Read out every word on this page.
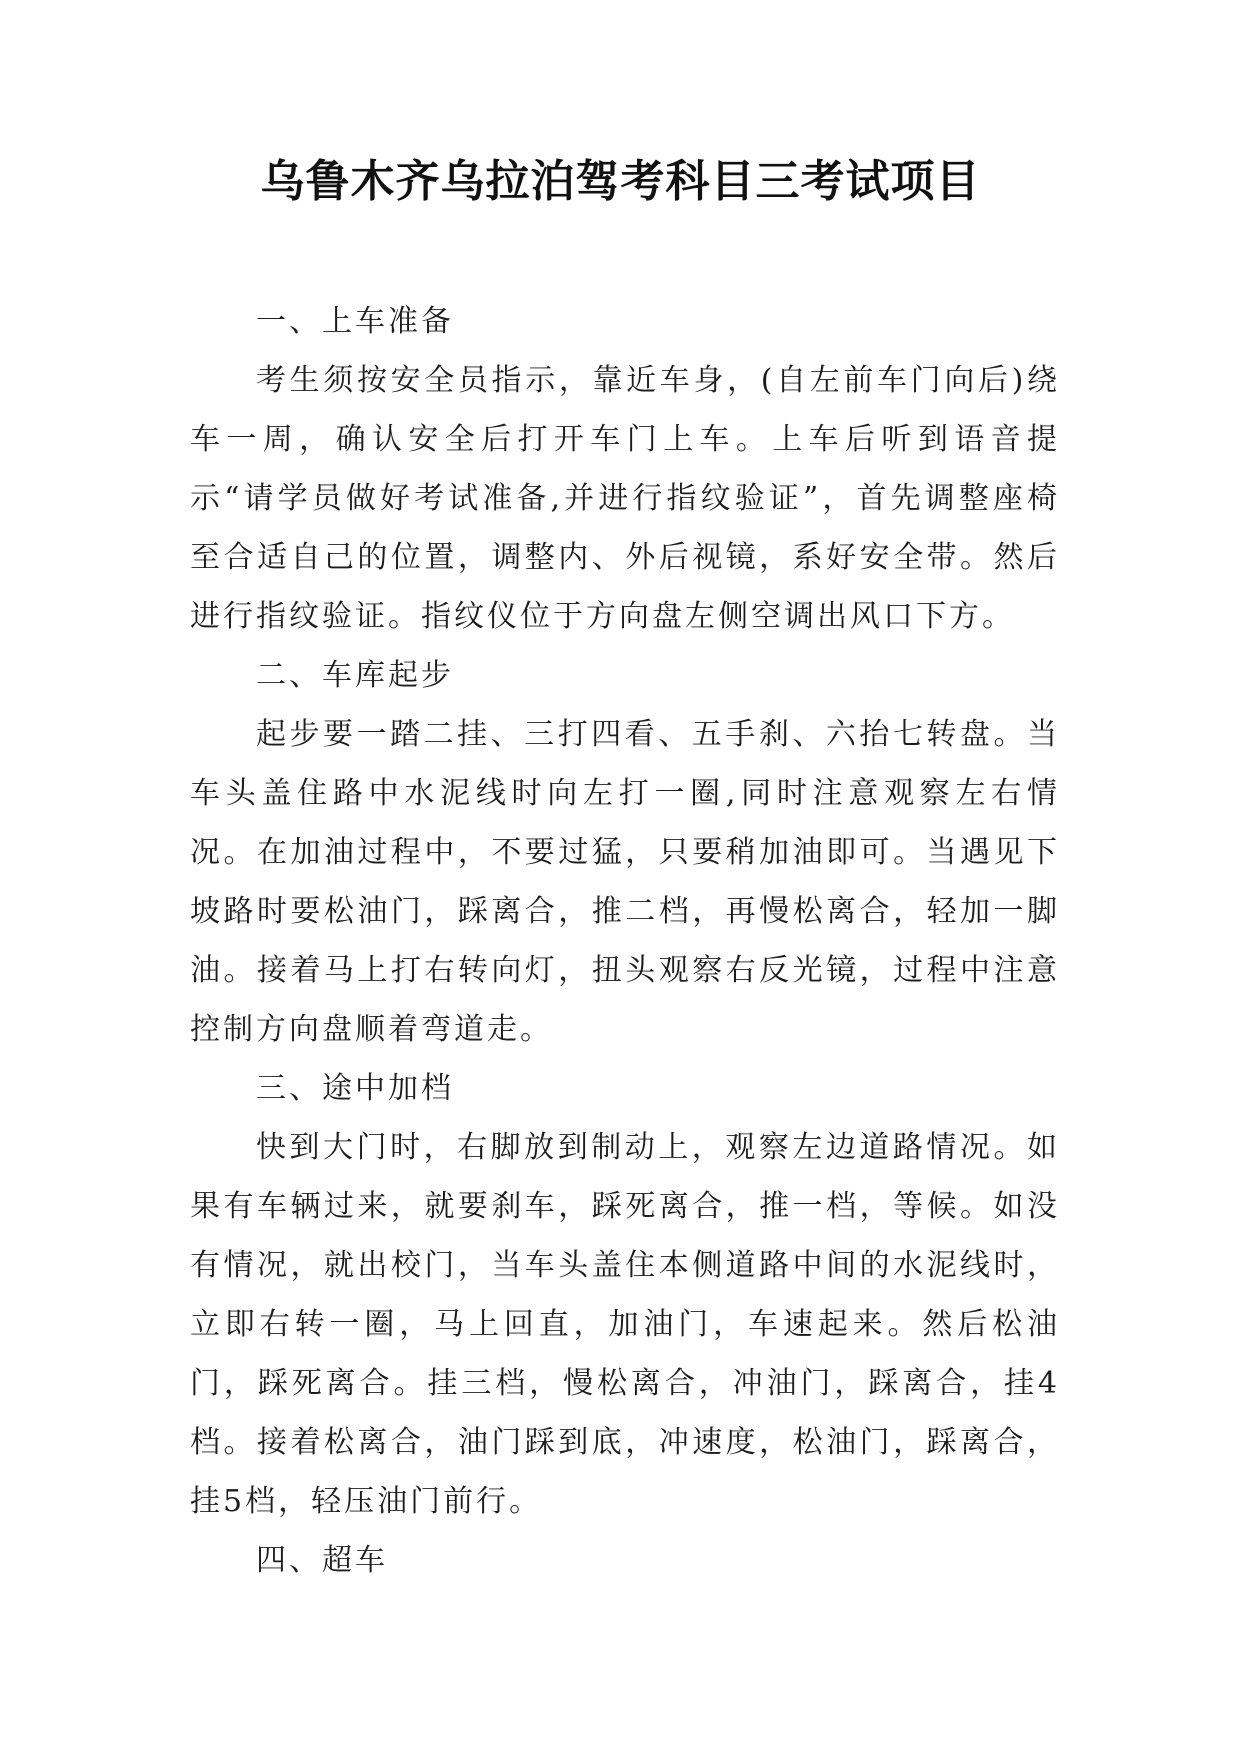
乌鲁木齐乌拉泊驾考科目三考试项目

一、上车准备

考生须按安全员指示，靠近车身，(自左前车门向后)绕车一周，确认安全后打开车门上车。上车后听到语音提示“请学员做好考试准备,并进行指纹验证”，首先调整座椅至合适自己的位置，调整内、外后视镜，系好安全带。然后进行指纹验证。指纹仪位于方向盘左侧空调出风口下方。

二、车库起步

起步要一踏二挂、三打四看、五手刹、六抬七转盘。当车头盖住路中水泥线时向左打一圈,同时注意观察左右情况。在加油过程中，不要过猛，只要稍加油即可。当遇见下坡路时要松油门，踩离合，推二档，再慢松离合，轻加一脚油。接着马上打右转向灯，扭头观察右反光镜，过程中注意控制方向盘顺着弯道走。

三、途中加档

快到大门时，右脚放到制动上，观察左边道路情况。如果有车辆过来，就要刹车，踩死离合，推一档，等候。如没有情况，就出校门，当车头盖住本侧道路中间的水泥线时，立即右转一圈，马上回直，加油门，车速起来。然后松油门，踩死离合。挂三档，慢松离合，冲油门，踩离合，挂4档。接着松离合，油门踩到底，冲速度，松油门，踩离合，挂5档，轻压油门前行。

四、超车
